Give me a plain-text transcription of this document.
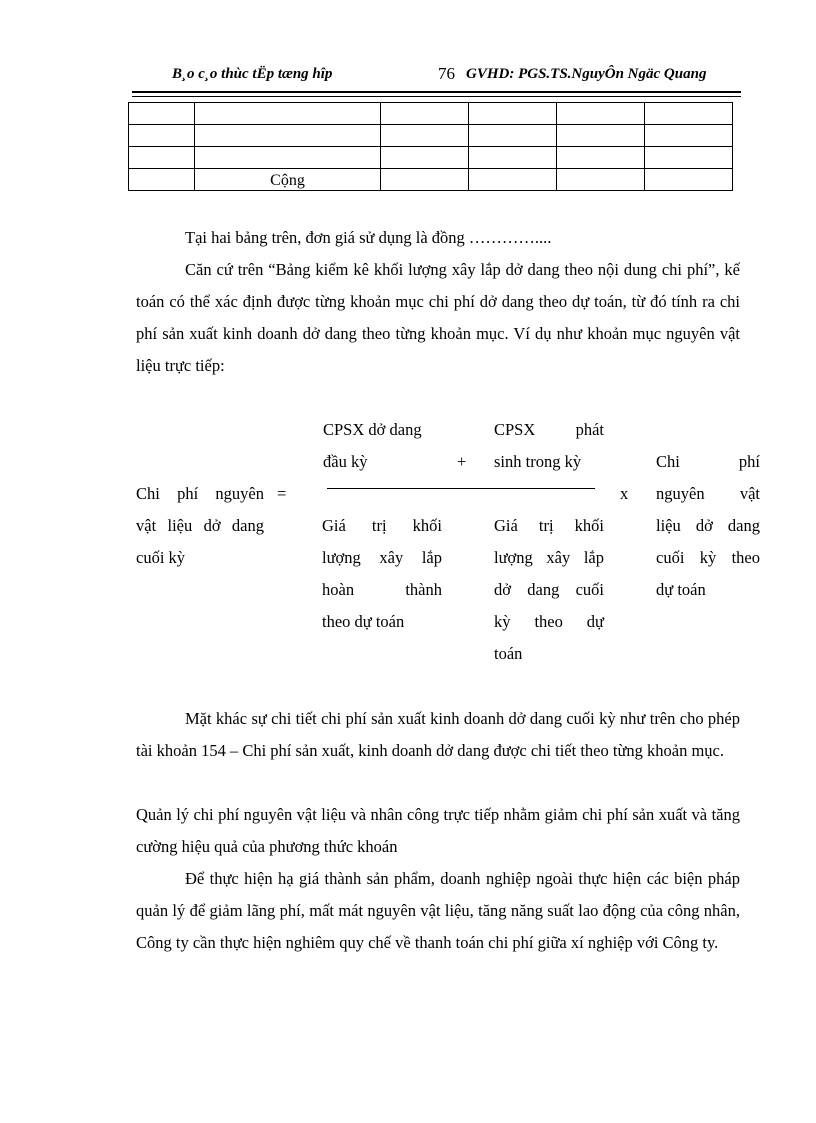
B¸o c¸o thùc tËp tæng hîp	76 GVHD: PGS.TS.NguyÔn Ngäc Quang

	Cộng				

Tại hai bảng trên, đơn giá sử dụng là đồng …………....

Căn cứ trên “Bảng kiểm kê khối lượng xây lắp dở dang theo nội dung chi phí”, kế toán có thể xác định được từng khoản mục chi phí dở dang theo dự toán, từ đó tính ra chi phí sản xuất kinh doanh dở dang theo từng khoản mục. Ví dụ như khoản mục nguyên vật liệu trực tiếp:

CPSX dở dang
đầu kỳ	+
CPSX phát
sinh trong kỳ
Chi phí nguyên =
vật liệu dở dang
cuối kỳ
x
Giá trị khối
lượng xây lắp
hoàn thành
theo dự toán
Giá trị khối
lượng xây lắp
dở dang cuối
kỳ theo dự
toán
Chi phí
nguyên vật
liệu dở dang
cuối kỳ theo
dự toán

Mặt khác sự chi tiết chi phí sản xuất kinh doanh dở dang cuối kỳ như trên cho phép tài khoản 154 – Chi phí sản xuất, kinh doanh dở dang được chi tiết theo từng khoản mục.

Quản lý chi phí nguyên vật liệu và nhân công trực tiếp nhằm giảm chi phí sản xuất và tăng cường hiệu quả của phương thức khoán

Để thực hiện hạ giá thành sản phẩm, doanh nghiệp ngoài thực hiện các biện pháp quản lý để giảm lãng phí, mất mát nguyên vật liệu, tăng năng suất lao động của công nhân, Công ty cần thực hiện nghiêm quy chế về thanh toán chi phí giữa xí nghiệp với Công ty.
